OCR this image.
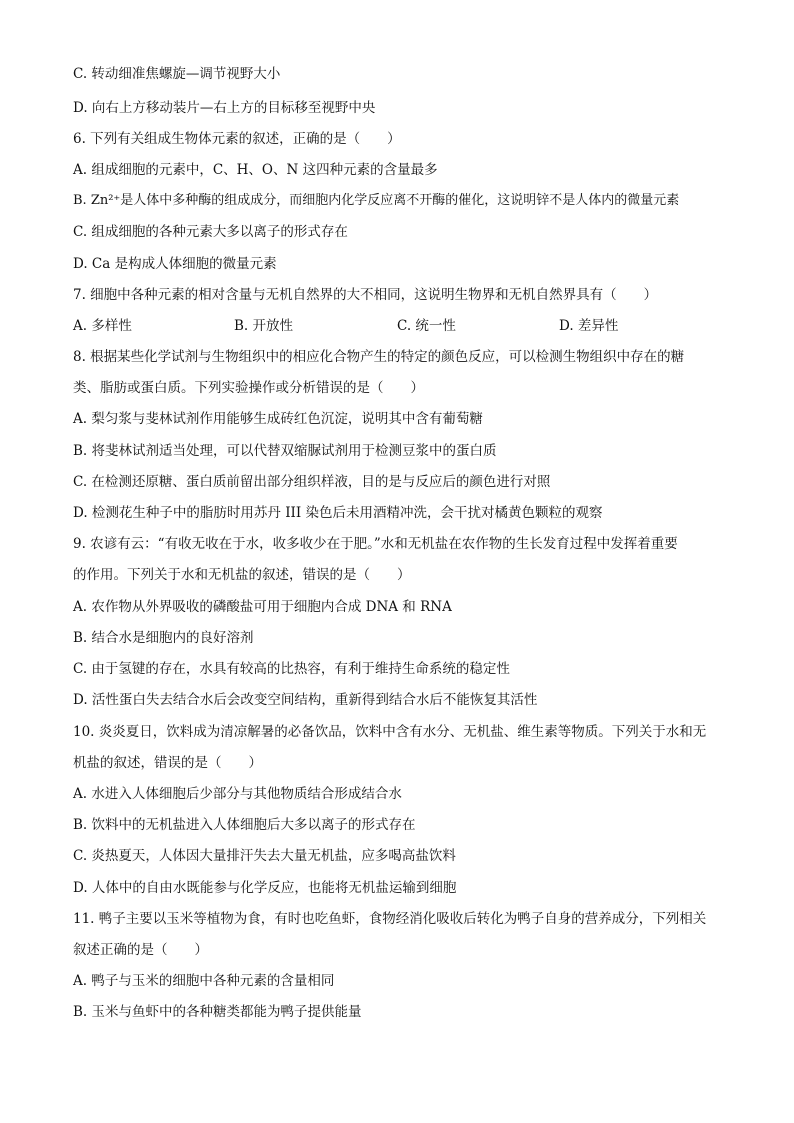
C. 转动细准焦螺旋—调节视野大小
D. 向右上方移动装片—右上方的目标移至视野中央
6. 下列有关组成生物体元素的叙述，正确的是（　　）
A. 组成细胞的元素中，C、H、O、N 这四种元素的含量最多
B. Zn²⁺是人体中多种酶的组成成分，而细胞内化学反应离不开酶的催化，这说明锌不是人体内的微量元素
C. 组成细胞的各种元素大多以离子的形式存在
D. Ca 是构成人体细胞的微量元素
7. 细胞中各种元素的相对含量与无机自然界的大不相同，这说明生物界和无机自然界具有（　　）
A. 多样性	B. 开放性	C. 统一性	D. 差异性
8. 根据某些化学试剂与生物组织中的相应化合物产生的特定的颜色反应，可以检测生物组织中存在的糖
类、脂肪或蛋白质。下列实验操作或分析错误的是（　　）
A. 梨匀浆与斐林试剂作用能够生成砖红色沉淀，说明其中含有葡萄糖
B. 将斐林试剂适当处理，可以代替双缩脲试剂用于检测豆浆中的蛋白质
C. 在检测还原糖、蛋白质前留出部分组织样液，目的是与反应后的颜色进行对照
D. 检测花生种子中的脂肪时用苏丹 III 染色后未用酒精冲洗，会干扰对橘黄色颗粒的观察
9. 农谚有云：“有收无收在于水，收多收少在于肥。”水和无机盐在农作物的生长发育过程中发挥着重要
的作用。下列关于水和无机盐的叙述，错误的是（　　）
A. 农作物从外界吸收的磷酸盐可用于细胞内合成 DNA 和 RNA
B. 结合水是细胞内的良好溶剂
C. 由于氢键的存在，水具有较高的比热容，有利于维持生命系统的稳定性
D. 活性蛋白失去结合水后会改变空间结构，重新得到结合水后不能恢复其活性
10. 炎炎夏日，饮料成为清凉解暑的必备饮品，饮料中含有水分、无机盐、维生素等物质。下列关于水和无
机盐的叙述，错误的是（　　）
A. 水进入人体细胞后少部分与其他物质结合形成结合水
B. 饮料中的无机盐进入人体细胞后大多以离子的形式存在
C. 炎热夏天，人体因大量排汗失去大量无机盐，应多喝高盐饮料
D. 人体中的自由水既能参与化学反应，也能将无机盐运输到细胞
11. 鸭子主要以玉米等植物为食，有时也吃鱼虾，食物经消化吸收后转化为鸭子自身的营养成分，下列相关
叙述正确的是（　　）
A. 鸭子与玉米的细胞中各种元素的含量相同
B. 玉米与鱼虾中的各种糖类都能为鸭子提供能量
